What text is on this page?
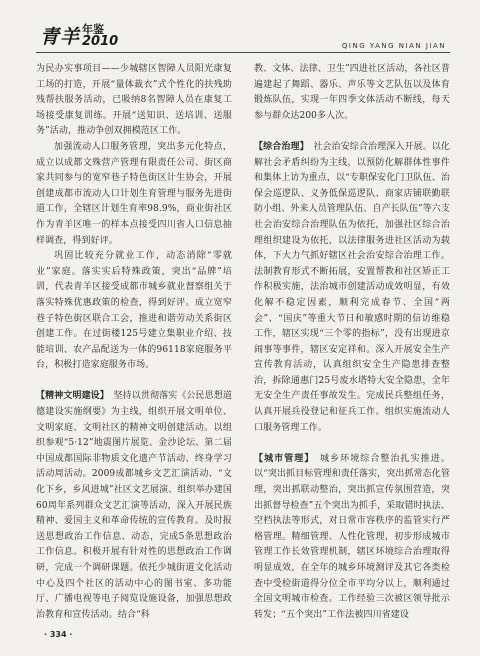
青羊 年鉴
2010	QING YANG NIAN JIAN

为民办实事项目——少城辖区智障人员阳光康复工场的打造，开展“量体裁衣”式个性化的扶残助残帮扶服务活动，已吸纳8名智障人员在康复工场接受康复训练。开展“送知识、送培训、送服务”活动，推动争创双拥模范区工作。

加强流动人口服务管理，突出多元化特点，成立以成都文殊营产管理有限责任公司、街区商家共同参与的宽窄巷子特色街区计生协会，开展创建成都市流动人口计划生育管理与服务先进街道工作，全辖区计划生育率98.9%，商业街社区作为青羊区唯一的样本点接受四川省人口信息抽样调查，得到好评。

巩固比较充分就业工作，动态消除“零就业”家庭。落实实后特殊政策，突出“品牌”培训，代表青羊区接受成都市城乡就业督察组关于落实特殊优惠政策的检查，得到好评。成立宽窄巷子特色街区联合工会，推进和谐劳动关系街区创建工作。在过街楼125号建立集职业介绍、技能培训、农产品配送为一体的96118家庭服务平台，积极打造家庭服务市场。

【精神文明建设】　 坚持以贯彻落实《公民思想道德建设实施纲要》为主线，组织开展文明单位、文明家庭、文明社区的精神文明创建活动。以组织参观“5·12”地震图片展览、金沙论坛、第二届中国成都国际非物质文化遗产节活动、终身学习活动周活动。2009成都城乡文艺汇演活动、“文化下乡，乡风进城”社区文艺展演、组织举办建国60周年系列群众文艺汇演等活动，深入开展民族精神、爱国主义和革命传统的宣传教育。及时报送思想政治工作信息、动态，完成5条思想政治工作信息。积极开展有针对性的思想政治工作调研，完成一个调研课题。依托少城街道文化活动中心及四个社区的活动中心的图书室、多功能厅、广播电视等电子阅览设施设备，加强思想政治教育和宣传活动。结合“科

教、文体、法律、卫生”四进社区活动，各社区普遍建起了舞蹈、器乐、声乐等文艺队伍以及体育锻炼队伍，实现一年四季文体活动不断线，每天参与群众达200多人次。

【综合治理】　 社会治安综合治理深入开展。以化解社会矛盾纠纷为主线，以预防化解群体性事件和集体上访为重点，以“专职保安化门卫队伍、治保会巡逻队、义务低保巡逻队、商家店铺联勤联防小组、外来人员管理队伍、自产长队伍”等六支社会治安综合治理队伍为依托，加强社区综合治理组织建设为依托，以法律服务进社区活动为载体，下大力气抓好辖区社会治安综合治理工作。法制教育形式不断拓展，安置帮教和社区矫正工作积极实施，法治城市创建活动成效明显，有效化解不稳定因素，顺利完成春节、全国“两会”、“国庆”等重大节日和敏感时期的信访维稳工作，辖区实现“三个零的指标”，没有出现进京闹事等事件，辖区安定祥和。深入开展安全生产宣传教育活动，认真组织安全生产隐患排查整治，拆除通惠门25号废水塔特大安全隐患，全年无安全生产责任事故发生。完成民兵整组任务，认真开展兵役登记和征兵工作。组织实施流动人口服务管理工作。

【城市管理】　 城乡环境综合整治扎实推进。以“突出抓目标管理和责任落实，突出抓常态化管理，突出抓联动整治，突出抓宣传氛围营造，突出抓督导检查”五个突出为抓手，采取错时执法、空档执法等形式，对日常市容秩序的监管实行严格管理。精细管理、人性化管理，初步形成城市管理工作长效管理机制，辖区环境综合治理取得明显成效，在全年的城乡环境测评及其它各类检查中受检街道得分位全市平均分以上，顺利通过全国文明城市检查。工作经验三次被区领导批示转发；“五个突出”工作法被四川省建设

· 334 ·
